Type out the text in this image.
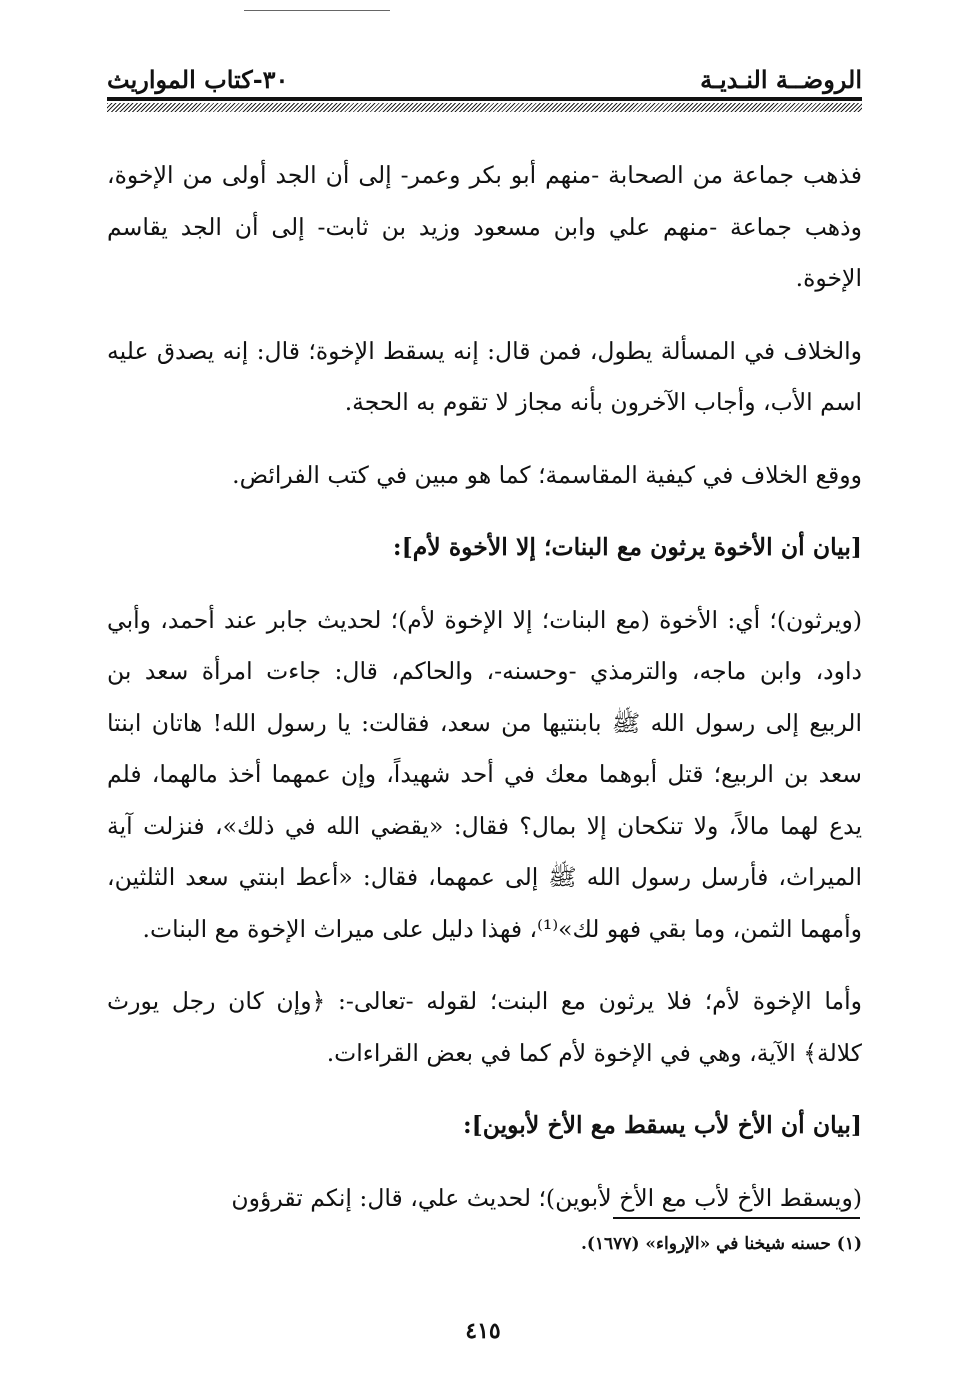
الروضــة النـديـة
٣٠-كتاب المواريث

فذهب جماعة من الصحابة -منهم أبو بكر وعمر- إلى أن الجد أولى من الإخوة، وذهب جماعة -منهم علي وابن مسعود وزيد بن ثابت- إلى أن الجد يقاسم الإخوة.

والخلاف في المسألة يطول، فمن قال: إنه يسقط الإخوة؛ قال: إنه يصدق عليه اسم الأب، وأجاب الآخرون بأنه مجاز لا تقوم به الحجة.

ووقع الخلاف في كيفية المقاسمة؛ كما هو مبين في كتب الفرائض.

[بيان أن الأخوة يرثون مع البنات؛ إلا الأخوة لأم]:

(ويرثون)؛ أي: الأخوة (مع البنات؛ إلا الإخوة لأم)؛ لحديث جابر عند أحمد، وأبي داود، وابن ماجه، والترمذي -وحسنه-، والحاكم، قال: جاءت امرأة سعد بن الربيع إلى رسول الله ﷺ بابنتيها من سعد، فقالت: يا رسول الله! هاتان ابنتا سعد بن الربيع؛ قتل أبوهما معك في أحد شهيداً، وإن عمهما أخذ مالهما، فلم يدع لهما مالاً، ولا تنكحان إلا بمال؟ فقال: «يقضي الله في ذلك»، فنزلت آية الميراث، فأرسل رسول الله ﷺ إلى عمهما، فقال: «أعط ابنتي سعد الثلثين، وأمهما الثمن، وما بقي فهو لك»⁽¹⁾، فهذا دليل على ميراث الإخوة مع البنات.

وأما الإخوة لأم؛ فلا يرثون مع البنت؛ لقوله -تعالى-: ﴿وإن كان رجل يورث كلالة﴾ الآية، وهي في الإخوة لأم كما في بعض القراءات.

[بيان أن الأخ لأب يسقط مع الأخ لأبوين]:

(ويسقط الأخ لأب مع الأخ لأبوين)؛ لحديث علي، قال: إنكم تقرؤون

(١) حسنه شيخنا في «الإرواء» (١٦٧٧).
٤١٥
